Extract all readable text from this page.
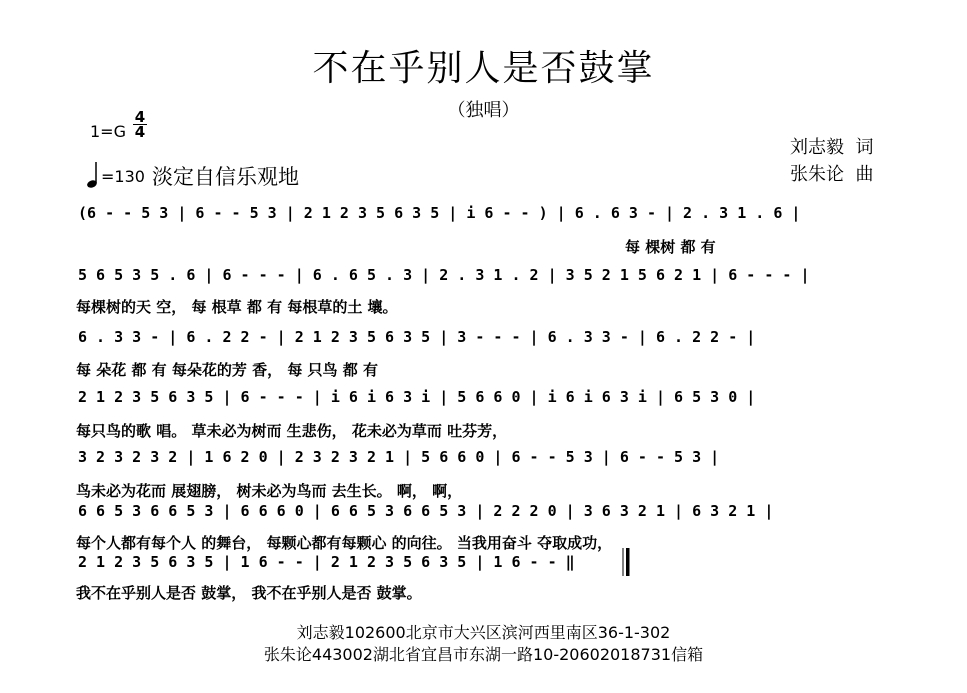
不在乎别人是否鼓掌
（独唱）
1=G
4
4
=130 淡定自信乐观地
刘志毅  词
张朱论  曲
(6 - - 5 3 | 6 - - 5 3 | 2 1 2 3 5 6 3 5 | i 6 - - ) | 6 . 6 3 - | 2 . 3 1 . 6 |
每 棵树 都 有
5 6 5 3 5 . 6 | 6 - - - | 6 . 6 5 . 3 | 2 . 3 1 . 2 | 3 5 2 1 5 6 2 1 | 6 - - - |
每棵树的天 空， 每 根草 都 有 每根草的土 壤。
6 . 3 3 - | 6 . 2 2 - | 2 1 2 3 5 6 3 5 | 3 - - - | 6 . 3 3 - | 6 . 2 2 - |
每 朵花 都 有 每朵花的芳 香， 每 只鸟 都 有
2 1 2 3 5 6 3 5 | 6 - - - | i 6 i 6 3 i | 5 6 6 0 | i 6 i 6 3 i | 6 5 3 0 |
每只鸟的歌 唱。 草未必为树而 生悲伤， 花未必为草而 吐芬芳，
3 2 3 2 3 2 | 1 6 2 0 | 2 3 2 3 2 1 | 5 6 6 0 | 6 - - 5 3 | 6 - - 5 3 |
鸟未必为花而 展翅膀， 树未必为鸟而 去生长。 啊， 啊，
6 6 5 3 6 6 5 3 | 6 6 6 0 | 6 6 5 3 6 6 5 3 | 2 2 2 0 | 3 6 3 2 1 | 6 3 2 1 |
每个人都有每个人 的舞台， 每颗心都有每颗心 的向往。 当我用奋斗 夺取成功，
2 1 2 3 5 6 3 5 | 1 6 - - | 2 1 2 3 5 6 3 5 | 1 6 - - ‖
我不在乎别人是否 鼓掌， 我不在乎别人是否 鼓掌。
刘志毅102600北京市大兴区滨河西里南区36-1-302
张朱论443002湖北省宜昌市东湖一路10-20602018731信箱
